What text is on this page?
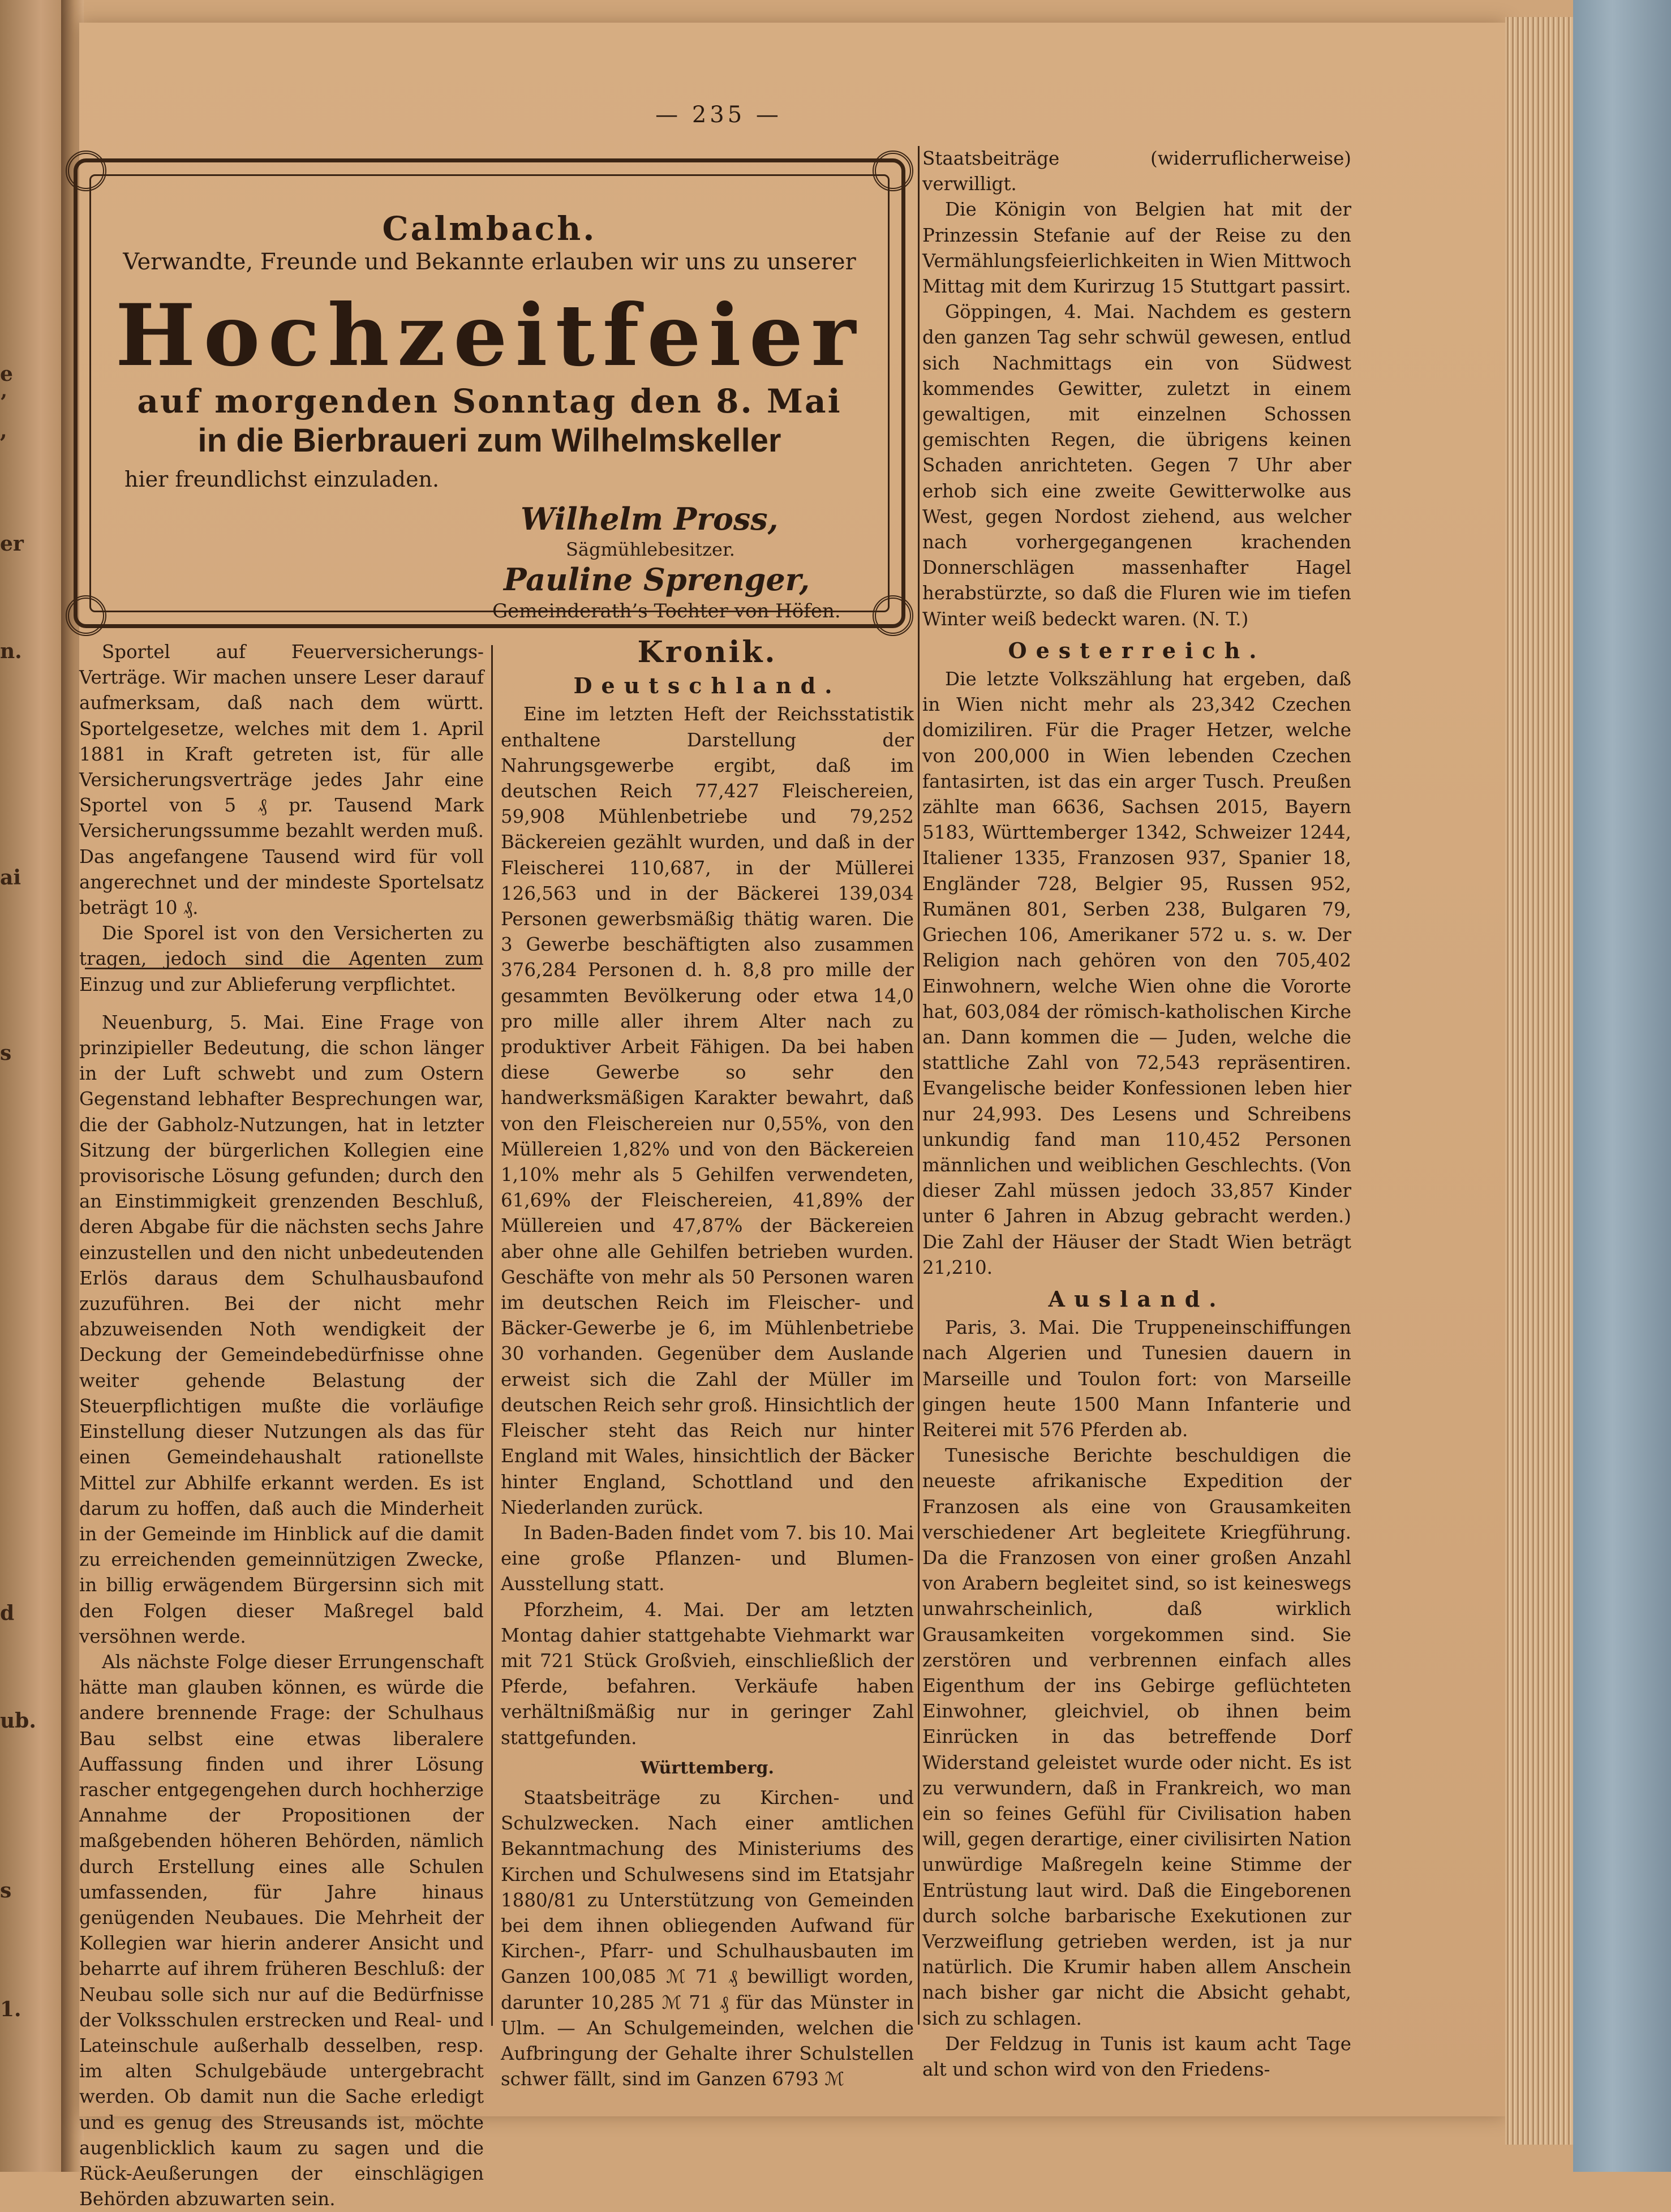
e
’
,
er
n.
ai
s
d
ub.
s
1.
— 235 —
Calmbach.
Verwandte, Freunde und Bekannte erlauben wir uns zu unserer
Hochzeitfeier
auf morgenden Sonntag den 8. Mai
in die Bierbraueri zum Wilhelmskeller
hier freundlichst einzuladen.
Wilhelm Pross,
Sägmühlebesitzer.
Pauline Sprenger,
Gemeinderath’s Tochter von Höfen.

Sportel auf Feuerversicherungs-Verträge. Wir machen unsere Leser darauf aufmerksam, daß nach dem württ. Sportelgesetze, welches mit dem 1. April 1881 in Kraft getreten ist, für alle Versicherungsverträge jedes Jahr eine Sportel von 5 ₰ pr. Tausend Mark Versicherungssumme bezahlt werden muß. Das angefangene Tausend wird für voll angerechnet und der mindeste Sportelsatz beträgt 10 ₰.

Die Sporel ist von den Versicherten zu tragen, jedoch sind die Agenten zum Einzug und zur Ablieferung verpflichtet.

Neuenburg, 5. Mai. Eine Frage von prinzipieller Bedeutung, die schon länger in der Luft schwebt und zum Ostern Gegenstand lebhafter Besprechungen war, die der Gabholz-Nutzungen, hat in letzter Sitzung der bürgerlichen Kollegien eine provisorische Lösung gefunden; durch den an Einstimmigkeit grenzenden Beschluß, deren Abgabe für die nächsten sechs Jahre einzustellen und den nicht unbedeutenden Erlös daraus dem Schulhausbaufond zuzuführen. Bei der nicht mehr abzuweisenden Noth wendigkeit der Deckung der Gemeindebedürfnisse ohne weiter gehende Belastung der Steuerpflichtigen mußte die vorläufige Einstellung dieser Nutzungen als das für einen Gemeindehaushalt rationellste Mittel zur Abhilfe erkannt werden. Es ist darum zu hoffen, daß auch die Minderheit in der Gemeinde im Hinblick auf die damit zu erreichenden gemeinnützigen Zwecke, in billig erwägendem Bürgersinn sich mit den Folgen dieser Maßregel bald versöhnen werde.

Als nächste Folge dieser Errungenschaft hätte man glauben können, es würde die andere brennende Frage: der Schulhaus Bau selbst eine etwas liberalere Auffassung finden und ihrer Lösung rascher entgegengehen durch hochherzige Annahme der Propositionen der maßgebenden höheren Behörden, nämlich durch Erstellung eines alle Schulen umfassenden, für Jahre hinaus genügenden Neubaues. Die Mehrheit der Kollegien war hierin anderer Ansicht und beharrte auf ihrem früheren Beschluß: der Neubau solle sich nur auf die Bedürfnisse der Volksschulen erstrecken und Real- und Lateinschule außerhalb desselben, resp. im alten Schulgebäude untergebracht werden. Ob damit nun die Sache erledigt und es genug des Streusands ist, möchte augenblicklich kaum zu sagen und die Rück-Aeußerungen der einschlägigen Behörden abzuwarten sein.

Kronik.
Deutschland.

Eine im letzten Heft der Reichsstatistik enthaltene Darstellung der Nahrungsgewerbe ergibt, daß im deutschen Reich 77,427 Fleischereien, 59,908 Mühlenbetriebe und 79,252 Bäckereien gezählt wurden, und daß in der Fleischerei 110,687, in der Müllerei 126,563 und in der Bäckerei 139,034 Personen gewerbsmäßig thätig waren. Die 3 Gewerbe beschäftigten also zusammen 376,284 Personen d. h. 8,8 pro mille der gesammten Bevölkerung oder etwa 14,0 pro mille aller ihrem Alter nach zu produktiver Arbeit Fähigen. Da bei haben diese Gewerbe so sehr den handwerksmäßigen Karakter bewahrt, daß von den Fleischereien nur 0,55%, von den Müllereien 1,82% und von den Bäckereien 1,10% mehr als 5 Gehilfen verwendeten, 61,69% der Fleischereien, 41,89% der Müllereien und 47,87% der Bäckereien aber ohne alle Gehilfen betrieben wurden. Geschäfte von mehr als 50 Personen waren im deutschen Reich im Fleischer- und Bäcker-Gewerbe je 6, im Mühlenbetriebe 30 vorhanden. Gegenüber dem Auslande erweist sich die Zahl der Müller im deutschen Reich sehr groß. Hinsichtlich der Fleischer steht das Reich nur hinter England mit Wales, hinsichtlich der Bäcker hinter England, Schottland und den Niederlanden zurück.

In Baden-Baden findet vom 7. bis 10. Mai eine große Pflanzen- und Blumen-Ausstellung statt.

Pforzheim, 4. Mai. Der am letzten Montag dahier stattgehabte Viehmarkt war mit 721 Stück Großvieh, einschließlich der Pferde, befahren. Verkäufe haben verhältnißmäßig nur in geringer Zahl stattgefunden.

Württemberg.

Staatsbeiträge zu Kirchen- und Schulzwecken. Nach einer amtlichen Bekanntmachung des Ministeriums des Kirchen und Schulwesens sind im Etatsjahr 1880/81 zu Unterstützung von Gemeinden bei dem ihnen obliegenden Aufwand für Kirchen-, Pfarr- und Schulhausbauten im Ganzen 100,085 ℳ 71 ₰ bewilligt worden, darunter 10,285 ℳ 71 ₰ für das Münster in Ulm. — An Schulgemeinden, welchen die Aufbringung der Gehalte ihrer Schulstellen schwer fällt, sind im Ganzen 6793 ℳ

Staatsbeiträge (widerruflicherweise) verwilligt.

Die Königin von Belgien hat mit der Prinzessin Stefanie auf der Reise zu den Vermählungsfeierlichkeiten in Wien Mittwoch Mittag mit dem Kurirzug 15 Stuttgart passirt.

Göppingen, 4. Mai. Nachdem es gestern den ganzen Tag sehr schwül gewesen, entlud sich Nachmittags ein von Südwest kommendes Gewitter, zuletzt in einem gewaltigen, mit einzelnen Schossen gemischten Regen, die übrigens keinen Schaden anrichteten. Gegen 7 Uhr aber erhob sich eine zweite Gewitterwolke aus West, gegen Nordost ziehend, aus welcher nach vorhergegangenen krachenden Donnerschlägen massenhafter Hagel herabstürzte, so daß die Fluren wie im tiefen Winter weiß bedeckt waren. (N. T.)

Oesterreich.

Die letzte Volkszählung hat ergeben, daß in Wien nicht mehr als 23,342 Czechen domiziliren. Für die Prager Hetzer, welche von 200,000 in Wien lebenden Czechen fantasirten, ist das ein arger Tusch. Preußen zählte man 6636, Sachsen 2015, Bayern 5183, Württemberger 1342, Schweizer 1244, Italiener 1335, Franzosen 937, Spanier 18, Engländer 728, Belgier 95, Russen 952, Rumänen 801, Serben 238, Bulgaren 79, Griechen 106, Amerikaner 572 u. s. w. Der Religion nach gehören von den 705,402 Einwohnern, welche Wien ohne die Vororte hat, 603,084 der römisch-katholischen Kirche an. Dann kommen die — Juden, welche die stattliche Zahl von 72,543 repräsentiren. Evangelische beider Konfessionen leben hier nur 24,993. Des Lesens und Schreibens unkundig fand man 110,452 Personen männlichen und weiblichen Geschlechts. (Von dieser Zahl müssen jedoch 33,857 Kinder unter 6 Jahren in Abzug gebracht werden.) Die Zahl der Häuser der Stadt Wien beträgt 21,210.

Ausland.

Paris, 3. Mai. Die Truppeneinschiffungen nach Algerien und Tunesien dauern in Marseille und Toulon fort: von Marseille gingen heute 1500 Mann Infanterie und Reiterei mit 576 Pferden ab.

Tunesische Berichte beschuldigen die neueste afrikanische Expedition der Franzosen als eine von Grausamkeiten verschiedener Art begleitete Kriegführung. Da die Franzosen von einer großen Anzahl von Arabern begleitet sind, so ist keineswegs unwahrscheinlich, daß wirklich Grausamkeiten vorgekommen sind. Sie zerstören und verbrennen einfach alles Eigenthum der ins Gebirge geflüchteten Einwohner, gleichviel, ob ihnen beim Einrücken in das betreffende Dorf Widerstand geleistet wurde oder nicht. Es ist zu verwundern, daß in Frankreich, wo man ein so feines Gefühl für Civilisation haben will, gegen derartige, einer civilisirten Nation unwürdige Maßregeln keine Stimme der Entrüstung laut wird. Daß die Eingeborenen durch solche barbarische Exekutionen zur Verzweiflung getrieben werden, ist ja nur natürlich. Die Krumir haben allem Anschein nach bisher gar nicht die Absicht gehabt, sich zu schlagen.

Der Feldzug in Tunis ist kaum acht Tage alt und schon wird von den Friedens-
